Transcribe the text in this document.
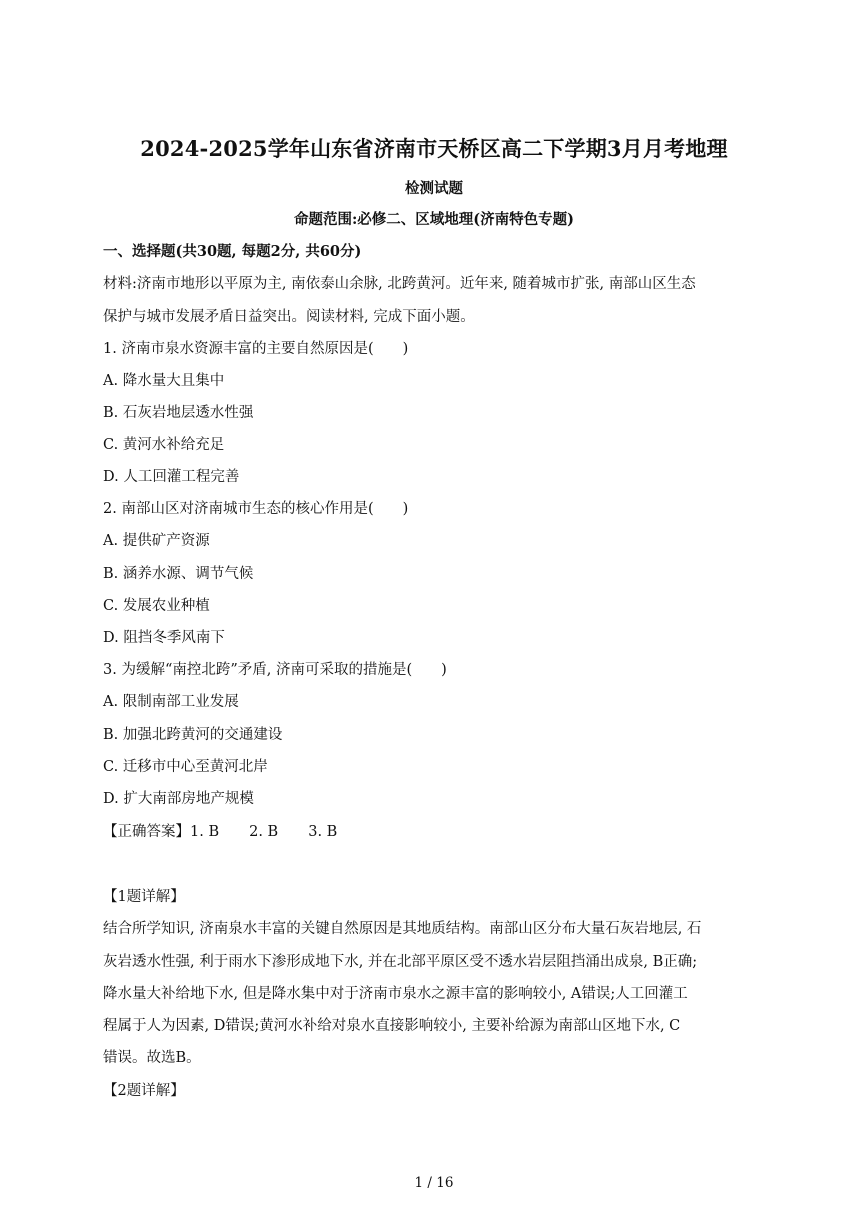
2024-2025学年山东省济南市天桥区高二下学期3月月考地理
检测试题
命题范围:必修二、区域地理(济南特色专题)
一、选择题(共30题, 每题2分, 共60分)
材料:济南市地形以平原为主, 南依泰山余脉, 北跨黄河。近年来, 随着城市扩张, 南部山区生态
保护与城市发展矛盾日益突出。阅读材料, 完成下面小题。
1. 济南市泉水资源丰富的主要自然原因是(　　)
A. 降水量大且集中
B. 石灰岩地层透水性强
C. 黄河水补给充足
D. 人工回灌工程完善
2. 南部山区对济南城市生态的核心作用是(　　)
A. 提供矿产资源
B. 涵养水源、调节气候
C. 发展农业种植
D. 阻挡冬季风南下
3. 为缓解“南控北跨”矛盾, 济南可采取的措施是(　　)
A. 限制南部工业发展
B. 加强北跨黄河的交通建设
C. 迁移市中心至黄河北岸
D. 扩大南部房地产规模
【正确答案】1. B 2. B 3. B
【1题详解】
结合所学知识, 济南泉水丰富的关键自然原因是其地质结构。南部山区分布大量石灰岩地层, 石
灰岩透水性强, 利于雨水下渗形成地下水, 并在北部平原区受不透水岩层阻挡涌出成泉, B正确;
降水量大补给地下水, 但是降水集中对于济南市泉水之源丰富的影响较小, A错误;人工回灌工
程属于人为因素, D错误;黄河水补给对泉水直接影响较小, 主要补给源为南部山区地下水, C
错误。故选B。
【2题详解】
1 / 16
